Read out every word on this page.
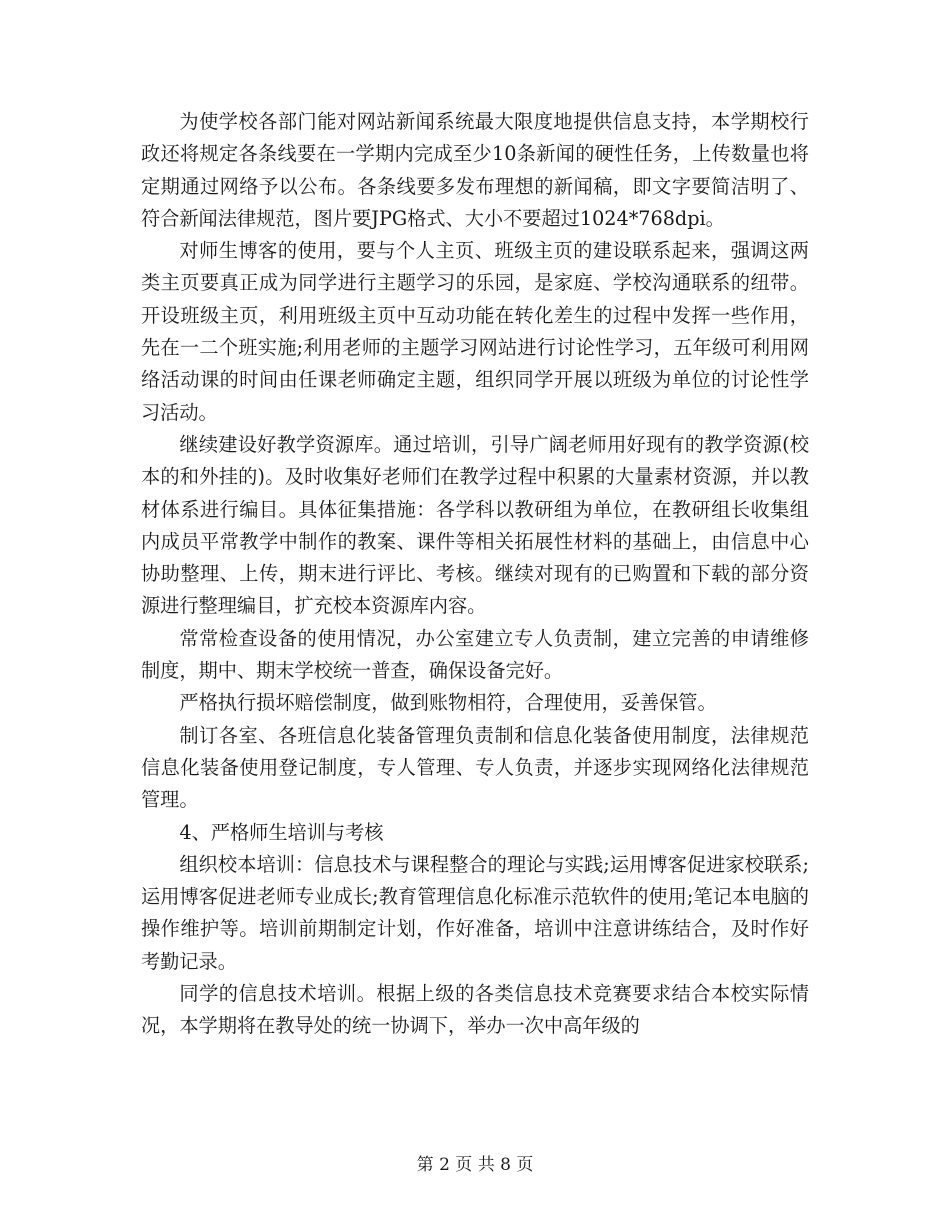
为使学校各部门能对网站新闻系统最大限度地提供信息支持，本学期校行政还将规定各条线要在一学期内完成至少10条新闻的硬性任务，上传数量也将定期通过网络予以公布。各条线要多发布理想的新闻稿，即文字要简洁明了、符合新闻法律规范，图片要JPG格式、大小不要超过1024*768dpi。

对师生博客的使用，要与个人主页、班级主页的建设联系起来，强调这两类主页要真正成为同学进行主题学习的乐园，是家庭、学校沟通联系的纽带。开设班级主页，利用班级主页中互动功能在转化差生的过程中发挥一些作用，先在一二个班实施;利用老师的主题学习网站进行讨论性学习，五年级可利用网络活动课的时间由任课老师确定主题，组织同学开展以班级为单位的讨论性学习活动。

继续建设好教学资源库。通过培训，引导广阔老师用好现有的教学资源(校本的和外挂的)。及时收集好老师们在教学过程中积累的大量素材资源，并以教材体系进行编目。具体征集措施：各学科以教研组为单位，在教研组长收集组内成员平常教学中制作的教案、课件等相关拓展性材料的基础上，由信息中心协助整理、上传，期末进行评比、考核。继续对现有的已购置和下载的部分资源进行整理编目，扩充校本资源库内容。

常常检查设备的使用情况，办公室建立专人负责制，建立完善的申请维修制度，期中、期末学校统一普查，确保设备完好。

严格执行损坏赔偿制度，做到账物相符，合理使用，妥善保管。

制订各室、各班信息化装备管理负责制和信息化装备使用制度，法律规范信息化装备使用登记制度，专人管理、专人负责，并逐步实现网络化法律规范管理。

4、严格师生培训与考核

组织校本培训：信息技术与课程整合的理论与实践;运用博客促进家校联系;运用博客促进老师专业成长;教育管理信息化标准示范软件的使用;笔记本电脑的操作维护等。培训前期制定计划，作好准备，培训中注意讲练结合，及时作好考勤记录。

同学的信息技术培训。根据上级的各类信息技术竞赛要求结合本校实际情况，本学期将在教导处的统一协调下，举办一次中高年级的

第 2 页 共 8 页
